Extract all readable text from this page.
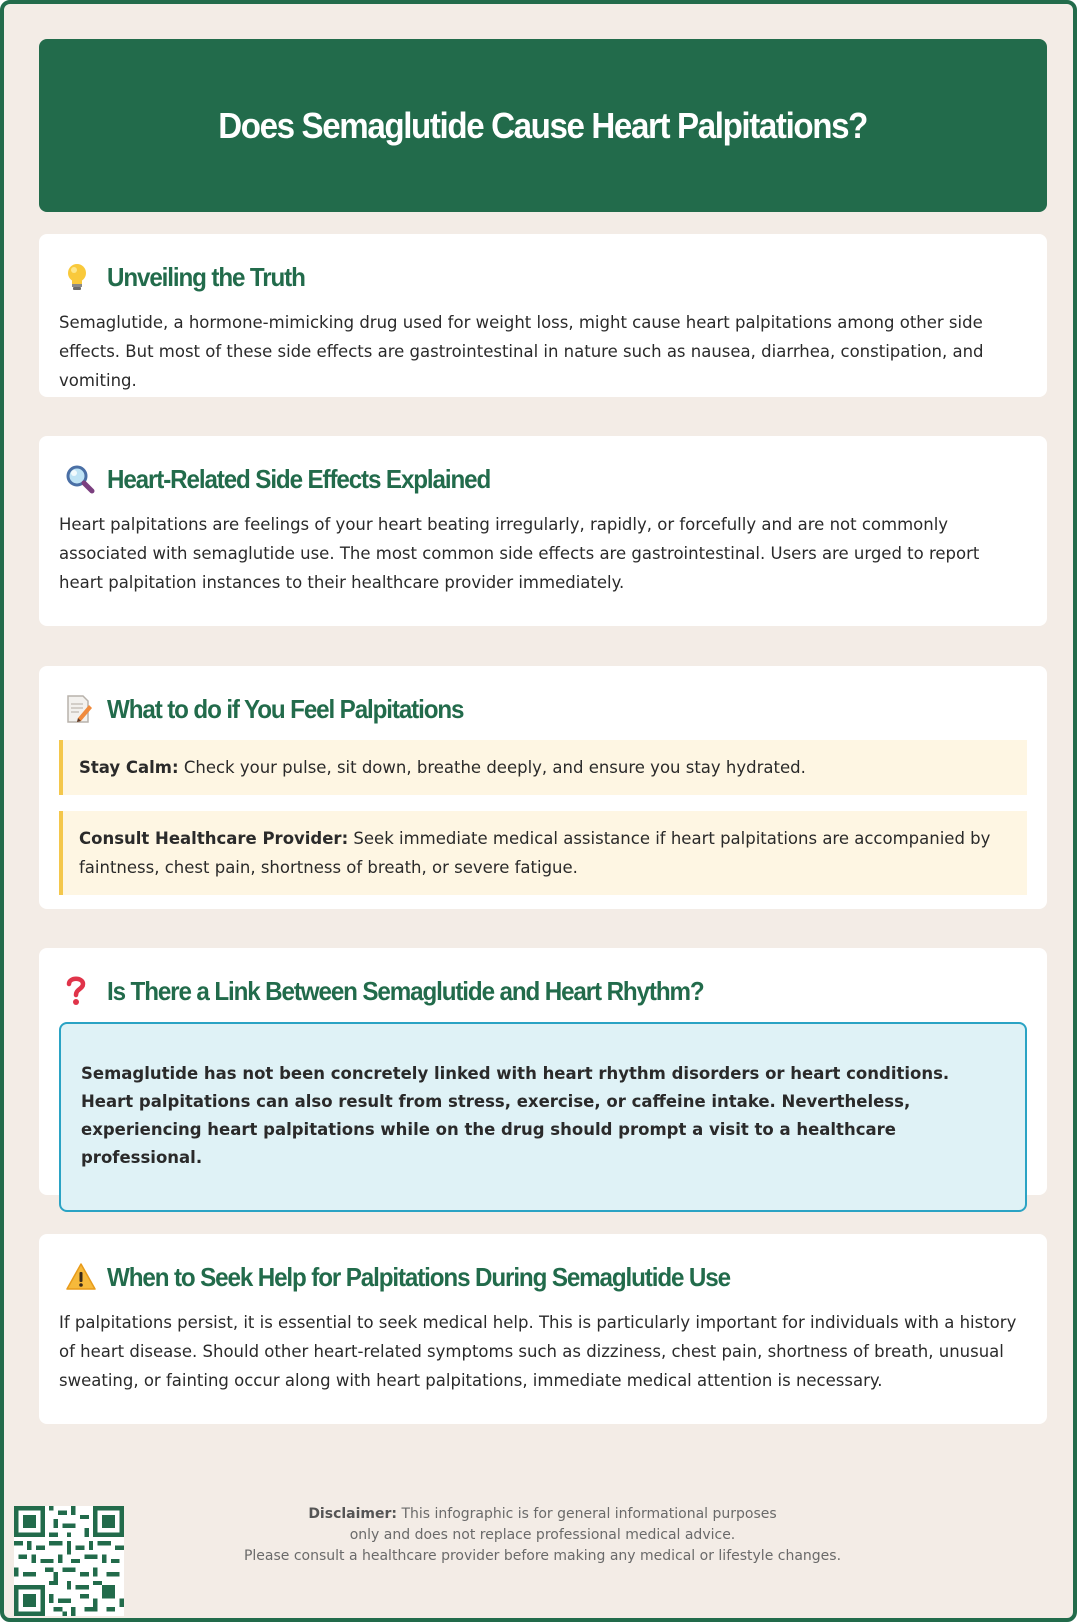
Does Semaglutide Cause Heart Palpitations?
Unveiling the Truth

Semaglutide, a hormone-mimicking drug used for weight loss, might cause heart palpitations among other side effects. But most of these side effects are gastrointestinal in nature such as nausea, diarrhea, constipation, and vomiting.

Heart-Related Side Effects Explained

Heart palpitations are feelings of your heart beating irregularly, rapidly, or forcefully and are not commonly associated with semaglutide use. The most common side effects are gastrointestinal. Users are urged to report heart palpitation instances to their healthcare provider immediately.

What to do if You Feel Palpitations
Stay Calm: Check your pulse, sit down, breathe deeply, and ensure you stay hydrated.
Consult Healthcare Provider: Seek immediate medical assistance if heart palpitations are accompanied by faintness, chest pain, shortness of breath, or severe fatigue.
Is There a Link Between Semaglutide and Heart Rhythm?
Semaglutide has not been concretely linked with heart rhythm disorders or heart conditions. Heart palpitations can also result from stress, exercise, or caffeine intake. Nevertheless, experiencing heart palpitations while on the drug should prompt a visit to a healthcare professional.
When to Seek Help for Palpitations During Semaglutide Use

If palpitations persist, it is essential to seek medical help. This is particularly important for individuals with a history of heart disease. Should other heart-related symptoms such as dizziness, chest pain, shortness of breath, unusual sweating, or fainting occur along with heart palpitations, immediate medical attention is necessary.

Disclaimer: This infographic is for general informational purposes
only and does not replace professional medical advice.
Please consult a healthcare provider before making any medical or lifestyle changes.
